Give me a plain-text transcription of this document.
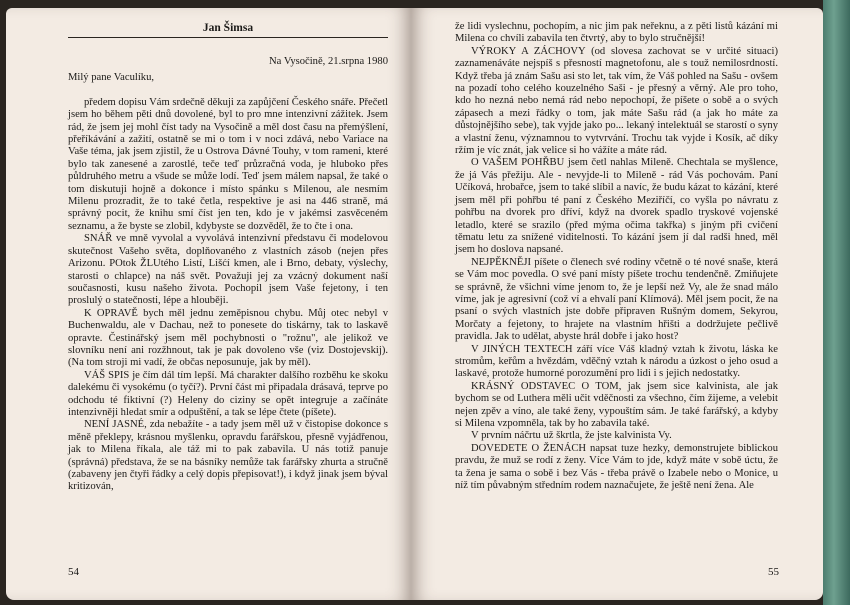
Jan Šimsa

Na Vysočině, 21.srpna 1980

Milý pane Vaculíku,

předem dopisu Vám srdečně děkuji za zapůjčení Českého snáře. Přečetl jsem ho během pěti dnů dovolené, byl to pro mne intenzivní zážitek. Jsem rád, že jsem jej mohl číst tady na Vysočině a měl dost času na přemýšlení, přeříkávání a zažití, ostatně se mi o tom i v noci zdává, nebo Variace na Vaše téma, jak jsem zjistil, že u Ostrova Dávné Touhy, v tom rameni, které bylo tak zanesené a zarostlé, teče teď průzračná voda, je hluboko přes půldruhého metru a všude se může lodí. Teď jsem málem napsal, že také o tom diskutuji hojně a dokonce i místo spánku s Milenou, ale nesmím Milenu prozradit, že to také četla, respektive je asi na 446 straně, má správný pocit, že knihu smí číst jen ten, kdo je v jakémsi zasvěceném seznamu, a že byste se zlobil, kdybyste se dozvěděl, že to čte i ona.

SNÁŘ ve mně vyvolal a vyvolává intenzivní představu či modelovou skutečnost Vašeho světa, doplňovaného z vlastních zásob (nejen přes Arizonu. POtok ŽLUtého Listí, Lišćí kmen, ale i Brno, debaty, výslechy, starosti o chlapce) na náš svět. Považuji jej za vzácný dokument naší současnosti, kusu našeho života. Pochopil jsem Vaše fejetony, i ten proslulý o statečnosti, lépe a hlouběji.

K OPRAVĚ bych měl jednu zeměpisnou chybu. Můj otec nebyl v Buchenwaldu, ale v Dachau, než to ponesete do tiskárny, tak to laskavě opravte. Čestinářský jsem měl pochybnosti o "rožnu", ale jelikož ve slovníku není ani rozžhnout, tak je pak dovoleno vše (viz Dostojevskij). (Na tom stroji mi vadí, že občas neposunuje, jak by měl).

VÁŠ SPIS je čím dál tím lepší. Má charakter dalšího rozběhu ke skoku dalekému či vysokému (o tyčí?). První část mi připadala drásavá, teprve po odchodu té fiktivní (?) Heleny do ciziny se opět integruje a začínáte intenzivněji hledat smír a odpuštění, a tak se lépe čtete (píšete).

NENÍ JASNÉ, zda nebažíte - a tady jsem měl už v čistopise dokonce s měně překlepy, krásnou myšlenku, opravdu farářskou, přesně vyjádřenou, jak to Milena říkala, ale táž mi to pak zabavila. U nás totiž panuje (správná) představa, že se na básníky nemůže tak farářsky zhurta a stručně (zabaveny jen čtyři řádky a celý dopis přepisovat!), i když jinak jsem býval kritizován,

54

že lidi vyslechnu, pochopím, a nic jim pak neřeknu, a z pěti listů kázání mi Milena co chvíli zabavila ten čtvrtý, aby to bylo stručnější!

VÝROKY A ZÁCHOVY (od slovesa zachovat se v určité situaci) zaznamenáváte nejspíš s přesností magnetofonu, ale s touž nemilosrdností. Když třeba já znám Sašu asi sto let, tak vím, že Váš pohled na Sašu - ovšem na pozadí toho celého kouzelného Saši - je přesný a věrný. Ale pro toho, kdo ho nezná nebo nemá rád nebo nepochopí, že píšete o sobě a o svých zápasech a mezi řádky o tom, jak máte Sašu rád (a jak ho máte za důstojnějšího sebe), tak vyjde jako po... lekaný intelektuál se starostí o syny a vlastní ženu, významnou to vytvrvání. Trochu tak vyjde i Kosík, ač díky ržím je víc znát, jak velice si ho vážíte a máte rád.

O VAŠEM POHŘBU jsem četl nahlas Mileně. Chechtala se myšlence, že já Vás přežiju. Ale - nevyjde-li to Mileně - rád Vás pochovám. Paní Učíková, hrobařce, jsem to také slíbil a navíc, že budu kázat to kázání, které jsem měl při pohřbu té paní z Českého Meziříčí, co vyšla po návratu z pohřbu na dvorek pro dříví, když na dvorek spadlo tryskové vojenské letadlo, které se srazilo (před mýma očima takřka) s jiným při cvičení těmatu letu za snížené viditelnosti. To kázání jsem jí dal radši hned, měl jsem ho doslova napsané.

NEJPĚKNĚJI píšete o členech své rodiny včetně o té nové snaše, která se Vám moc povedla. O své paní místy píšete trochu tendenčně. Zmiňujete se správně, že všichni víme jenom to, že je lepší než Vy, ale že snad málo víme, jak je agresivní (což ví a ehvalí paní Klímová). Měl jsem pocit, že na psaní o svých vlastních jste dobře připraven Rušným domem, Sekyrou, Morčaty a fejetony, to hrajete na vlastním hřišti a dodržujete pečlivě pravidla. Jak to udělat, abyste hrál dobře i jako host?

V JINÝCH TEXTECH září více Váš kladný vztah k životu, láska ke stromům, keřům a hvězdám, vděčný vztah k národu a úzkost o jeho osud a laskavé, protože humorné porozumění pro lidi i s jejich nedostatky.

KRÁSNÝ ODSTAVEC O TOM, jak jsem sice kalvinista, ale jak bychom se od Luthera měli učit vděčnosti za všechno, čím žijeme, a velebit nejen zpěv a víno, ale také ženy, vypouštím sám. Je také farářský, a kdyby si Milena vzpomněla, tak by ho zabavila také.

V prvním náčrtu už škrtla, že jste kalvinista Vy.

DOVEDETE O ŽENÁCH napsat tuze hezky, demonstrujete biblickou pravdu, že muž se rodí z ženy. Více Vám to jde, když máte v sobě úctu, že ta žena je sama o sobě i bez Vás - třeba právě o Izabele nebo o Monice, u níž tím půvabným středním rodem naznačujete, že ještě není žena. Ale

55
